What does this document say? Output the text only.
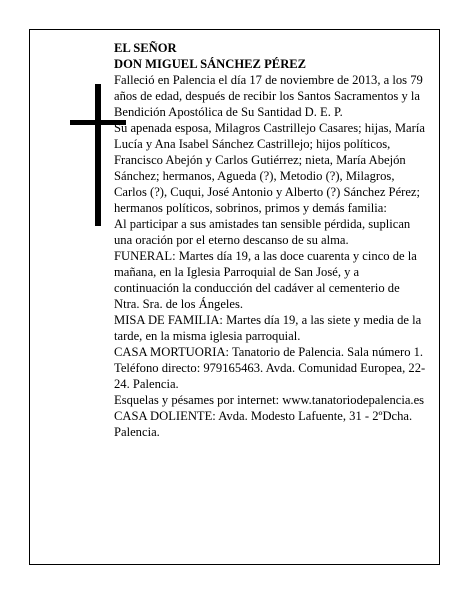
EL SEÑOR

DON MIGUEL SÁNCHEZ PÉREZ

Falleció en Palencia el día 17 de noviembre de 2013, a los 79 años de edad, después de recibir los Santos Sacramentos y la Bendición Apostólica de Su Santidad D. E. P.

Su apenada esposa, Milagros Castrillejo Casares; hijas, María Lucía y Ana Isabel Sánchez Castrillejo; hijos políticos, Francisco Abejón y Carlos Gutiérrez; nieta, María Abejón Sánchez; hermanos, Agueda (?), Metodio (?), Milagros, Carlos (?), Cuqui, José Antonio y Alberto (?) Sánchez Pérez; hermanos políticos, sobrinos, primos y demás familia:

Al participar a sus amistades tan sensible pérdida, suplican una oración por el eterno descanso de su alma.

FUNERAL: Martes día 19, a las doce cuarenta y cinco de la mañana, en la Iglesia Parroquial de San José, y a continuación la conducción del cadáver al cementerio de Ntra. Sra. de los Ángeles.

MISA DE FAMILIA: Martes día 19, a las siete y media de la tarde, en la misma iglesia parroquial.

CASA MORTUORIA: Tanatorio de Palencia. Sala número 1. Teléfono directo: 979165463. Avda. Comunidad Europea, 22-24. Palencia.

Esquelas y pésames por internet: www.tanatoriodepalencia.es

CASA DOLIENTE: Avda. Modesto Lafuente, 31 - 2ºDcha. Palencia.
